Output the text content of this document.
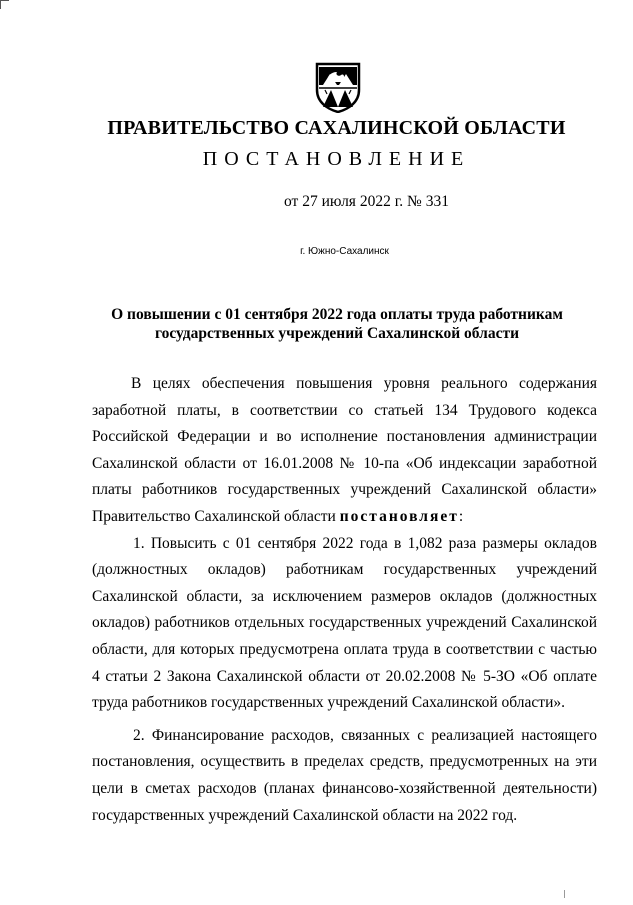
ПРАВИТЕЛЬСТВО САХАЛИНСКОЙ ОБЛАСТИ
ПОСТАНОВЛЕНИЕ
от 27 июля 2022 г. № 331
г. Южно-Сахалинск
О повышении с 01 сентября 2022 года оплаты труда работникам
государственных учреждений Сахалинской области

В целях обеспечения повышения уровня реального содержания заработной платы, в соответствии со статьей 134 Трудового кодекса Российской Федерации и во исполнение постановления администрации Сахалинской области от 16.01.2008 № 10-па «Об индексации заработной платы работников государственных учреждений Сахалинской области» Правительство Сахалинской области постановляет:

1. Повысить с 01 сентября 2022 года в 1,082 раза размеры окладов (должностных окладов) работникам государственных учреждений Сахалинской области, за исключением размеров окладов (должностных окладов) работников отдельных государственных учреждений Сахалинской области, для которых предусмотрена оплата труда в соответствии с частью 4 статьи 2 Закона Сахалинской области от 20.02.2008 № 5-ЗО «Об оплате труда работников государственных учреждений Сахалинской области».

2. Финансирование расходов, связанных с реализацией настоящего постановления, осуществить в пределах средств, предусмотренных на эти цели в сметах расходов (планах финансово-хозяйственной деятельности) государственных учреждений Сахалинской области на 2022 год.
